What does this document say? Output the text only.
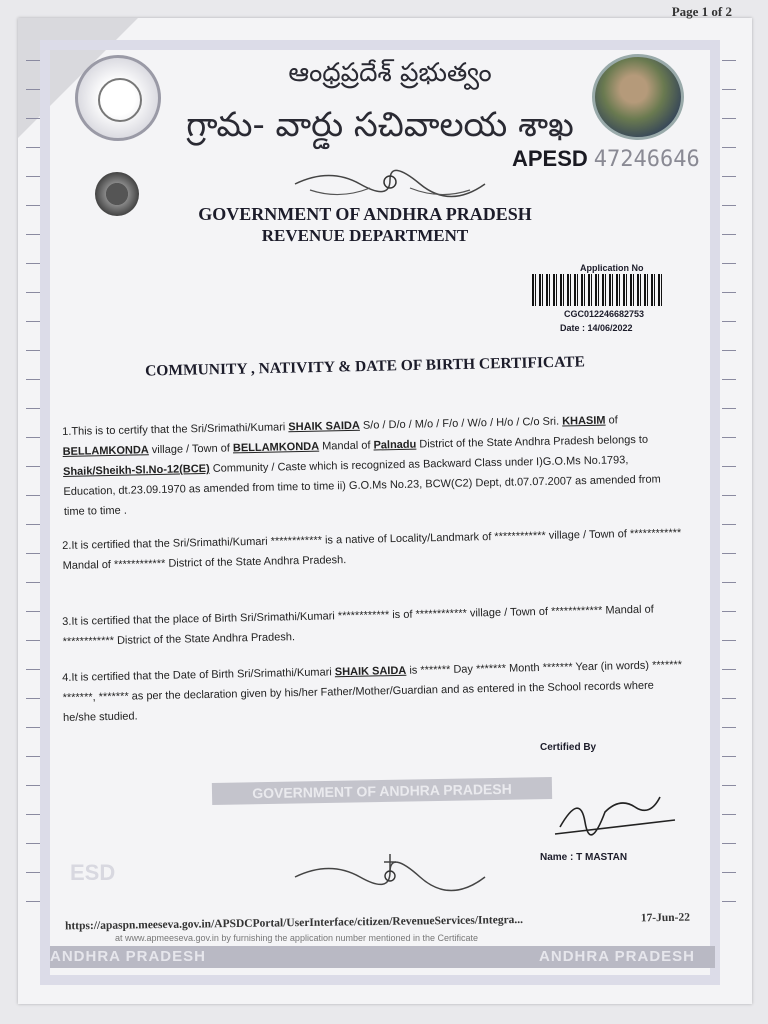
Page 1 of 2
ఆంధ్రప్రదేశ్ ప్రభుత్వం
గ్రామ- వార్డు సచివాలయ శాఖ
APESD 47246646
GOVERNMENT OF ANDHRA PRADESH
REVENUE DEPARTMENT
Application No
CGC012246682753
Date : 14/06/2022
COMMUNITY , NATIVITY & DATE OF BIRTH CERTIFICATE
1.This is to certify that the Sri/Srimathi/Kumari SHAIK SAIDA S/o / D/o / M/o / F/o / W/o / H/o / C/o Sri. KHASIM of BELLAMKONDA village / Town of BELLAMKONDA Mandal of Palnadu District of the State Andhra Pradesh belongs to Shaik/Sheikh-Sl.No-12(BCE) Community / Caste which is recognized as Backward Class under I)G.O.Ms No.1793, Education, dt.23.09.1970 as amended from time to time ii) G.O.Ms No.23, BCW(C2) Dept, dt.07.07.2007 as amended from time to time .
2.It is certified that the Sri/Srimathi/Kumari ************ is a native of Locality/Landmark of ************ village / Town of ************ Mandal of ************ District of the State Andhra Pradesh.
3.It is certified that the place of Birth Sri/Srimathi/Kumari ************ is of ************ village / Town of ************ Mandal of ************ District of the State Andhra Pradesh.
4.It is certified that the Date of Birth Sri/Srimathi/Kumari SHAIK SAIDA is ******* Day ******* Month ******* Year (in words) ******* *******, ******* as per the declaration given by his/her Father/Mother/Guardian and as entered in the School records where he/she studied.
Certified By
GOVERNMENT OF ANDHRA PRADESH
Name : T MASTAN
ESD
https://apaspn.meeseva.gov.in/APSDCPortal/UserInterface/citizen/RevenueServices/Integra...	17-Jun-22
at www.apmeeseva.gov.in by furnishing the application number mentioned in the Certificate
ANDHRA PRADESH	ANDHRA PRADESH
